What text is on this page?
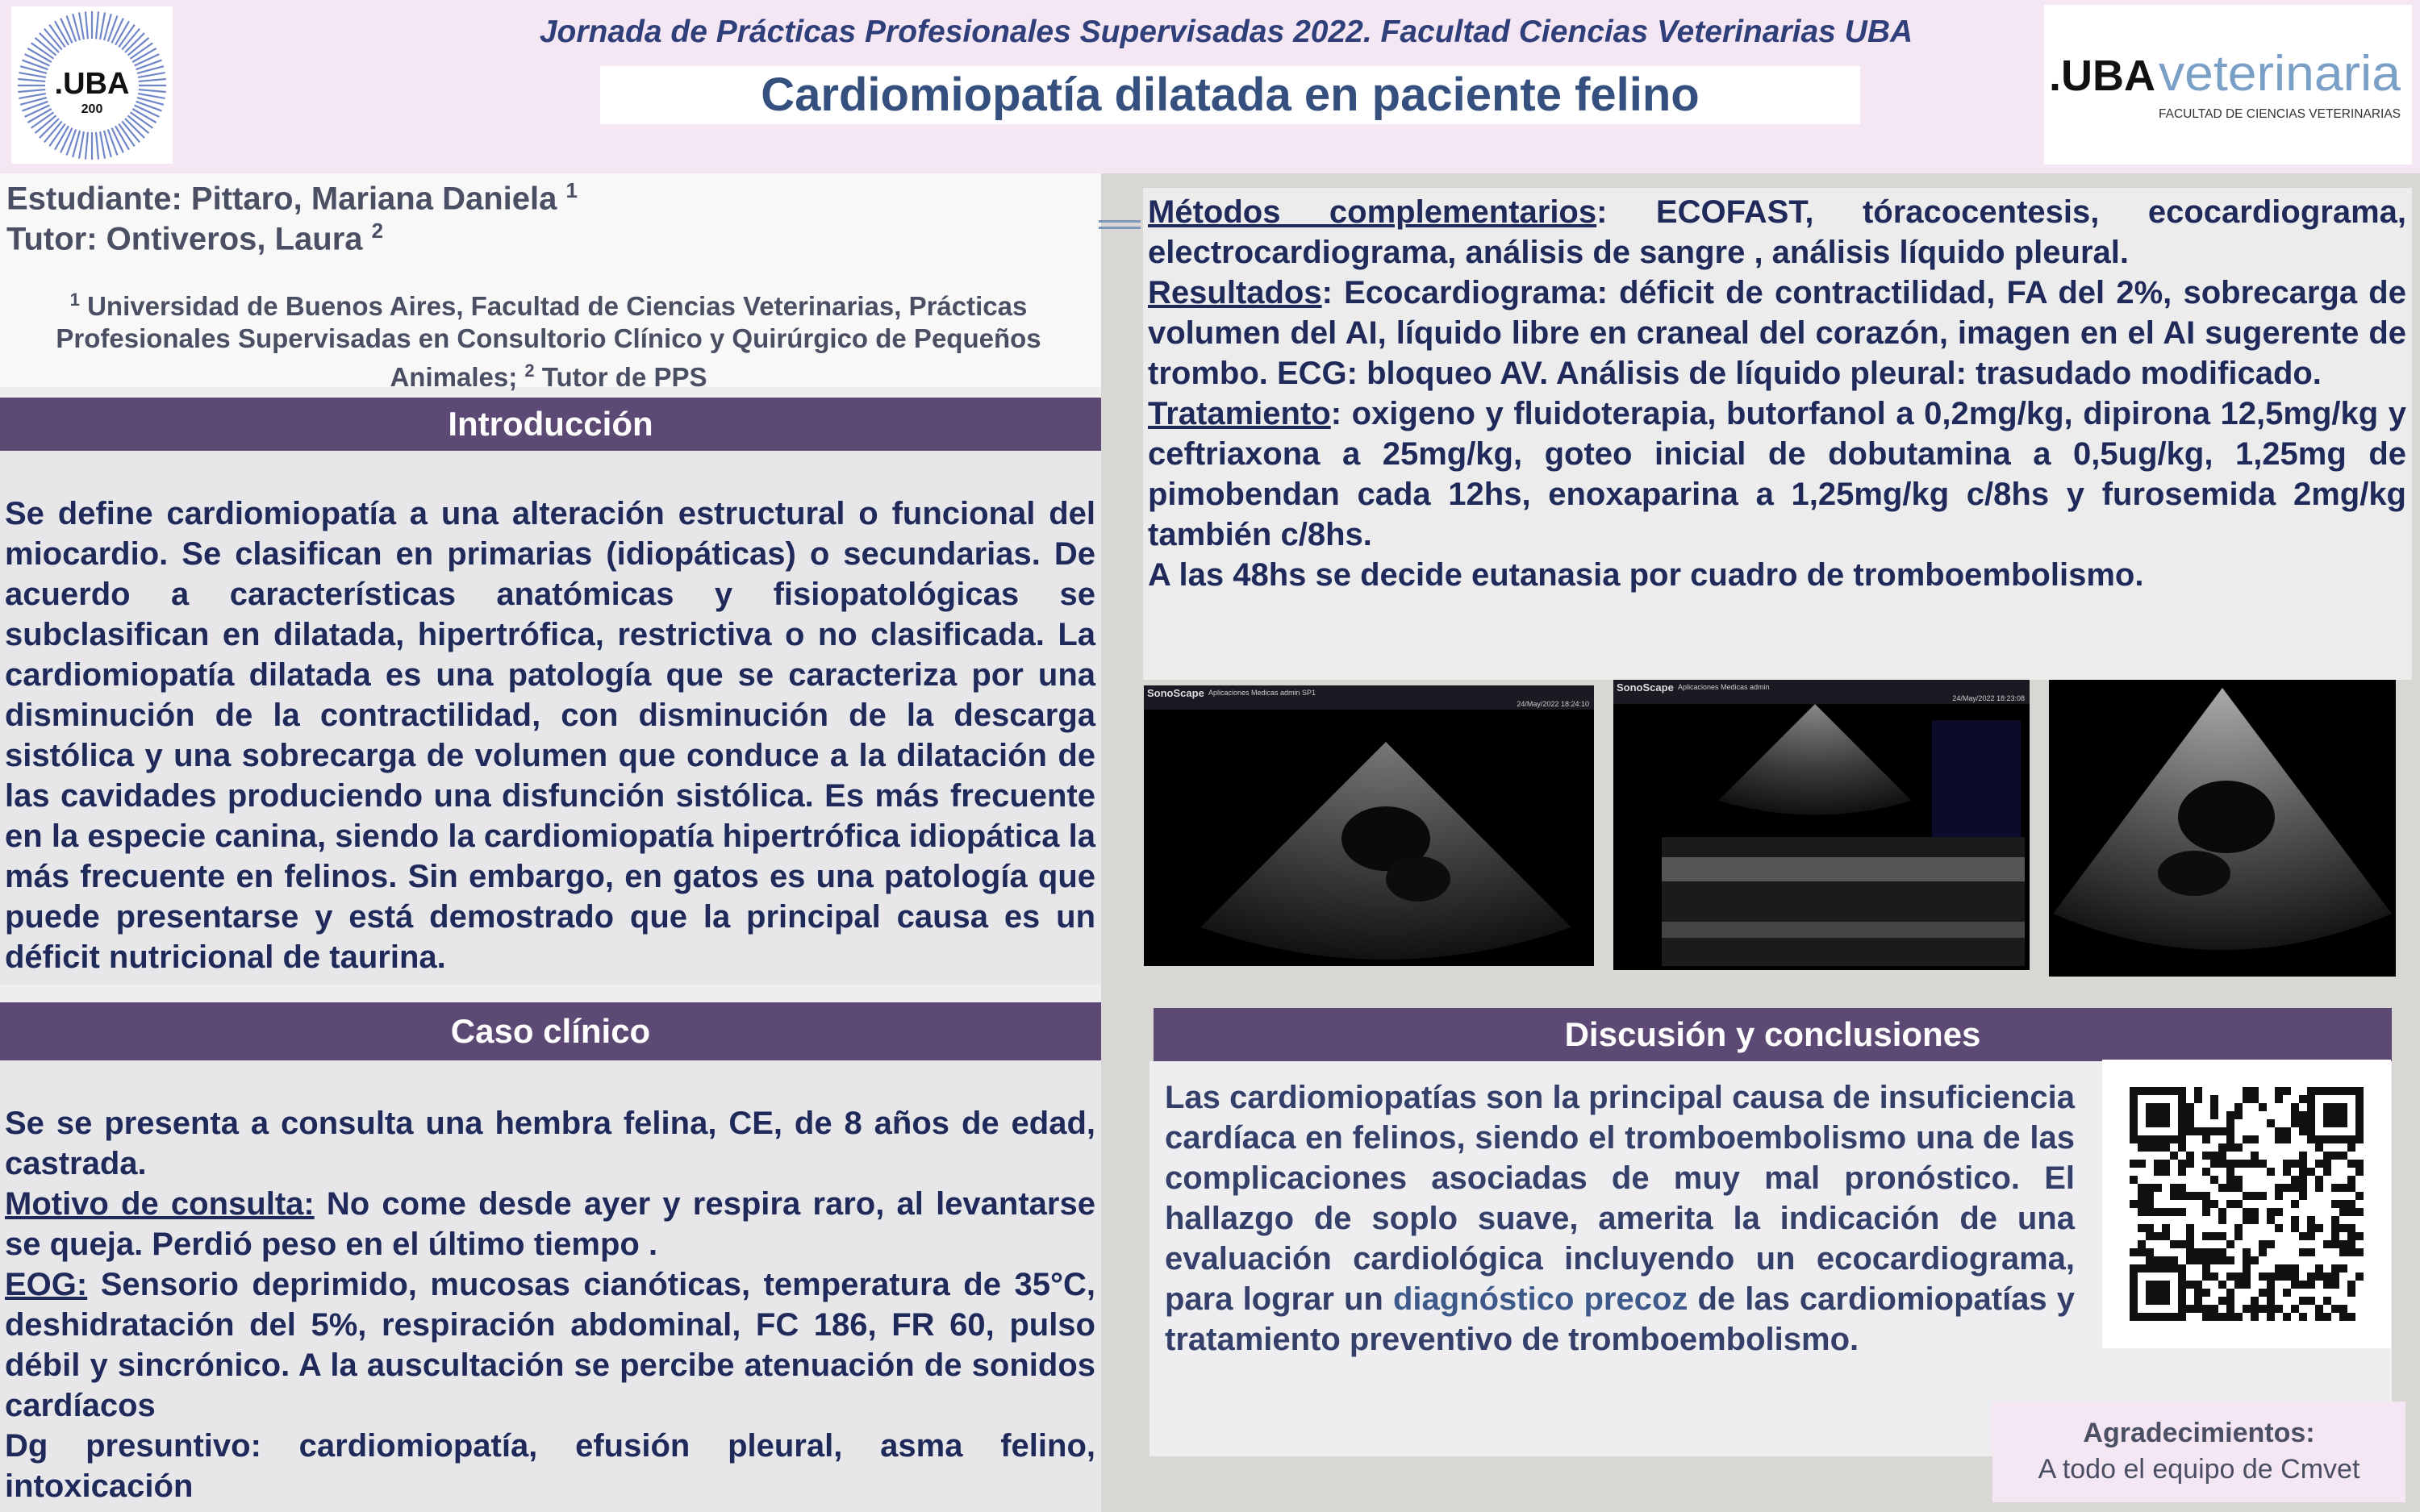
.UBA
200
Jornada de Prácticas Profesionales Supervisadas 2022. Facultad Ciencias Veterinarias UBA
Cardiomiopatía dilatada en paciente felino	.UBA veterinaria
FACULTAD DE CIENCIAS VETERINARIAS
Estudiante: Pittaro, Mariana Daniela $^1$
Tutor: Ontiveros, Laura $^2$
$^1$ Universidad de Buenos Aires, Facultad de Ciencias Veterinarias, Prácticas Profesionales Supervisadas en Consultorio Clínico y Quirúrgico de Pequeños Animales; $^2$ Tutor de PPS
Introducción
Se define cardiomiopatía a una alteración estructural o funcional del miocardio. Se clasifican en primarias (idiopáticas) o secundarias. De acuerdo a características anatómicas y fisiopatológicas se subclasifican en dilatada, hipertrófica, restrictiva o no clasificada. La cardiomiopatía dilatada es una patología que se caracteriza por una disminución de la contractilidad, con disminución de la descarga sistólica y una sobrecarga de volumen que conduce a la dilatación de las cavidades produciendo una disfunción sistólica. Es más frecuente en la especie canina, siendo la cardiomiopatía hipertrófica idiopática la más frecuente en felinos. Sin embargo, en gatos es una patología que puede presentarse y está demostrado que la principal causa es un déficit nutricional de taurina.
Caso clínico
Se se presenta a consulta una hembra felina, CE, de 8 años de edad, castrada.
Motivo de consulta: No come desde ayer y respira raro, al levantarse se queja. Perdió peso en el último tiempo .
EOG: Sensorio deprimido, mucosas cianóticas, temperatura de 35°C, deshidratación del 5%, respiración abdominal, FC 186, FR 60, pulso débil y sincrónico. A la auscultación se percibe atenuación de sonidos cardíacos
Dg presuntivo: cardiomiopatía, efusión pleural, asma felino, intoxicación
Métodos complementarios: ECOFAST, tóracocentesis, ecocardiograma, electrocardiograma, análisis de sangre , análisis líquido pleural.
Resultados: Ecocardiograma: déficit de contractilidad, FA del 2%, sobrecarga de volumen del AI, líquido libre en craneal del corazón, imagen en el AI sugerente de trombo. ECG: bloqueo AV. Análisis de líquido pleural: trasudado modificado.
Tratamiento: oxigeno y fluidoterapia, butorfanol a 0,2mg/kg, dipirona 12,5mg/kg y ceftriaxona a 25mg/kg, goteo inicial de dobutamina a 0,5ug/kg, 1,25mg de pimobendan cada 12hs, enoxaparina a 1,25mg/kg c/8hs y furosemida 2mg/kg también c/8hs.
A las 48hs se decide eutanasia por cuadro de tromboembolismo.
SonoScape Aplicaciones Medicas admin SP1
24/May/2022 18:24:10
SonoScape Aplicaciones Medicas admin
24/May/2022 18:23:08
Discusión y conclusiones
Las cardiomiopatías son la principal causa de insuficiencia cardíaca en felinos, siendo el tromboembolismo una de las complicaciones asociadas de muy mal pronóstico. El hallazgo de soplo suave, amerita la indicación de una evaluación cardiológica incluyendo un ecocardiograma, para lograr un diagnóstico precoz de las cardiomiopatías y tratamiento preventivo de tromboembolismo.
Agradecimientos:
A todo el equipo de Cmvet
